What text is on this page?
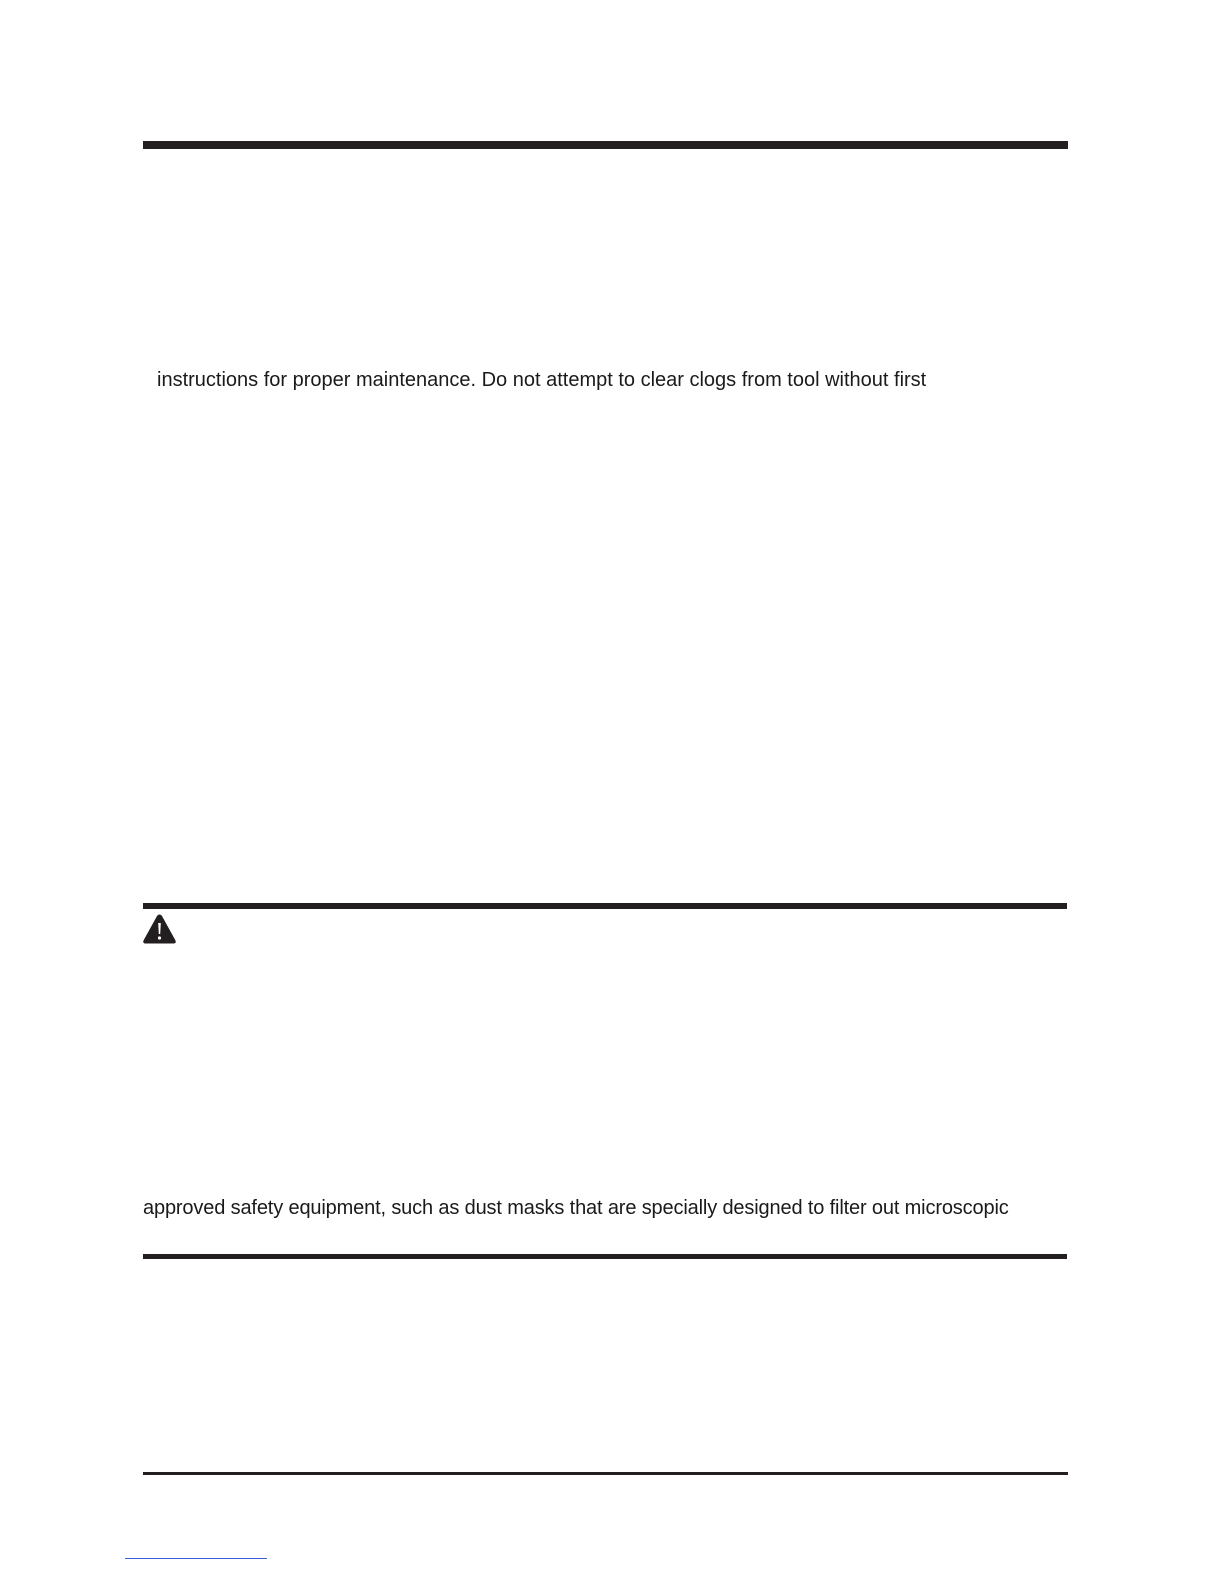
instructions for proper maintenance. Do not attempt to clear clogs from tool without first
approved safety equipment, such as dust masks that are specially designed to filter out microscopic
